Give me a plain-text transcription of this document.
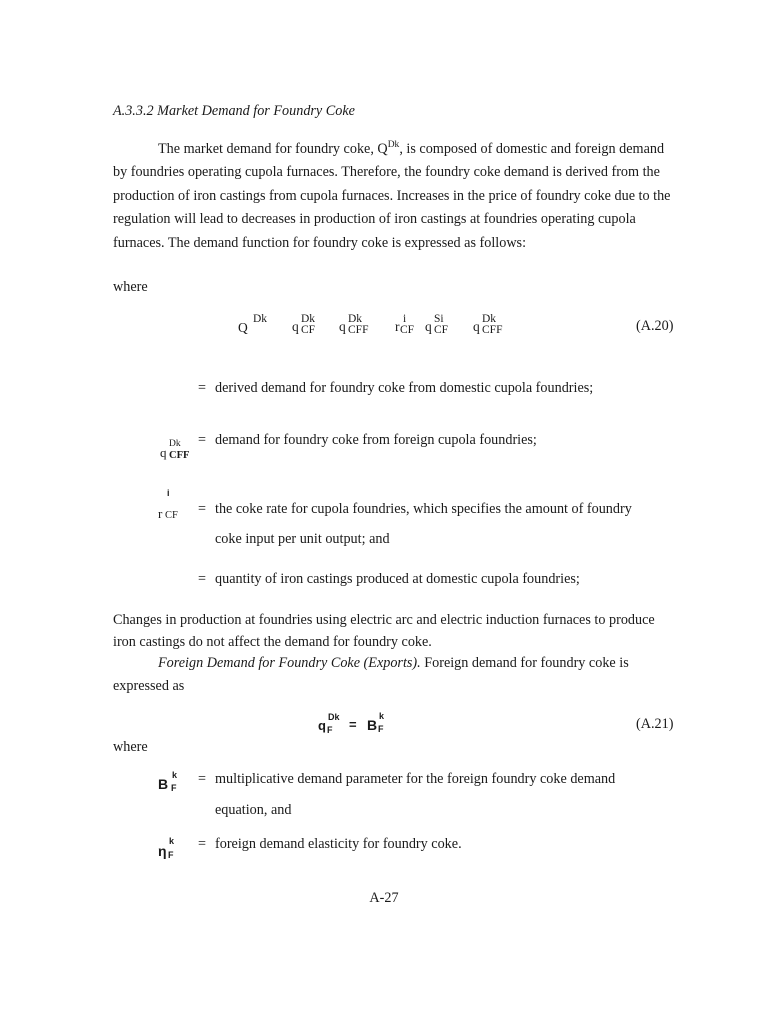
A.3.3.2 Market Demand for Foundry Coke
The market demand for foundry coke, $Q^{Dk}$, is composed of domestic and foreign demand by foundries operating cupola furnaces. Therefore, the foundry coke demand is derived from the production of iron castings from cupola furnaces. Increases in the price of foundry coke due to the regulation will lead to decreases in production of iron castings at foundries operating cupola furnaces. The demand function for foundry coke is expressed as follows:
where
Q
Dk q Dk
CF q Dk
CFF r i
CF q Si
CF q Dk
CFF	(A.20)
= derived demand for foundry coke from domestic cupola foundries;
q
Dk
CFF
= demand for foundry coke from foreign cupola foundries;
i
r CF = the coke rate for cupola foundries, which specifies the amount of foundry
coke input per unit output; and
= quantity of iron castings produced at domestic cupola foundries;
Changes in production at foundries using electric arc and electric induction furnaces to produce iron castings do not affect the demand for foundry coke.
Foreign Demand for Foundry Coke (Exports). Foreign demand for foundry coke is expressed as
q
Dk
F = B
k
F	(A.21)
where
B
k
F
= multiplicative demand parameter for the foreign foundry coke demand
equation, and
η
k
F
= foreign demand elasticity for foundry coke.
A-27
